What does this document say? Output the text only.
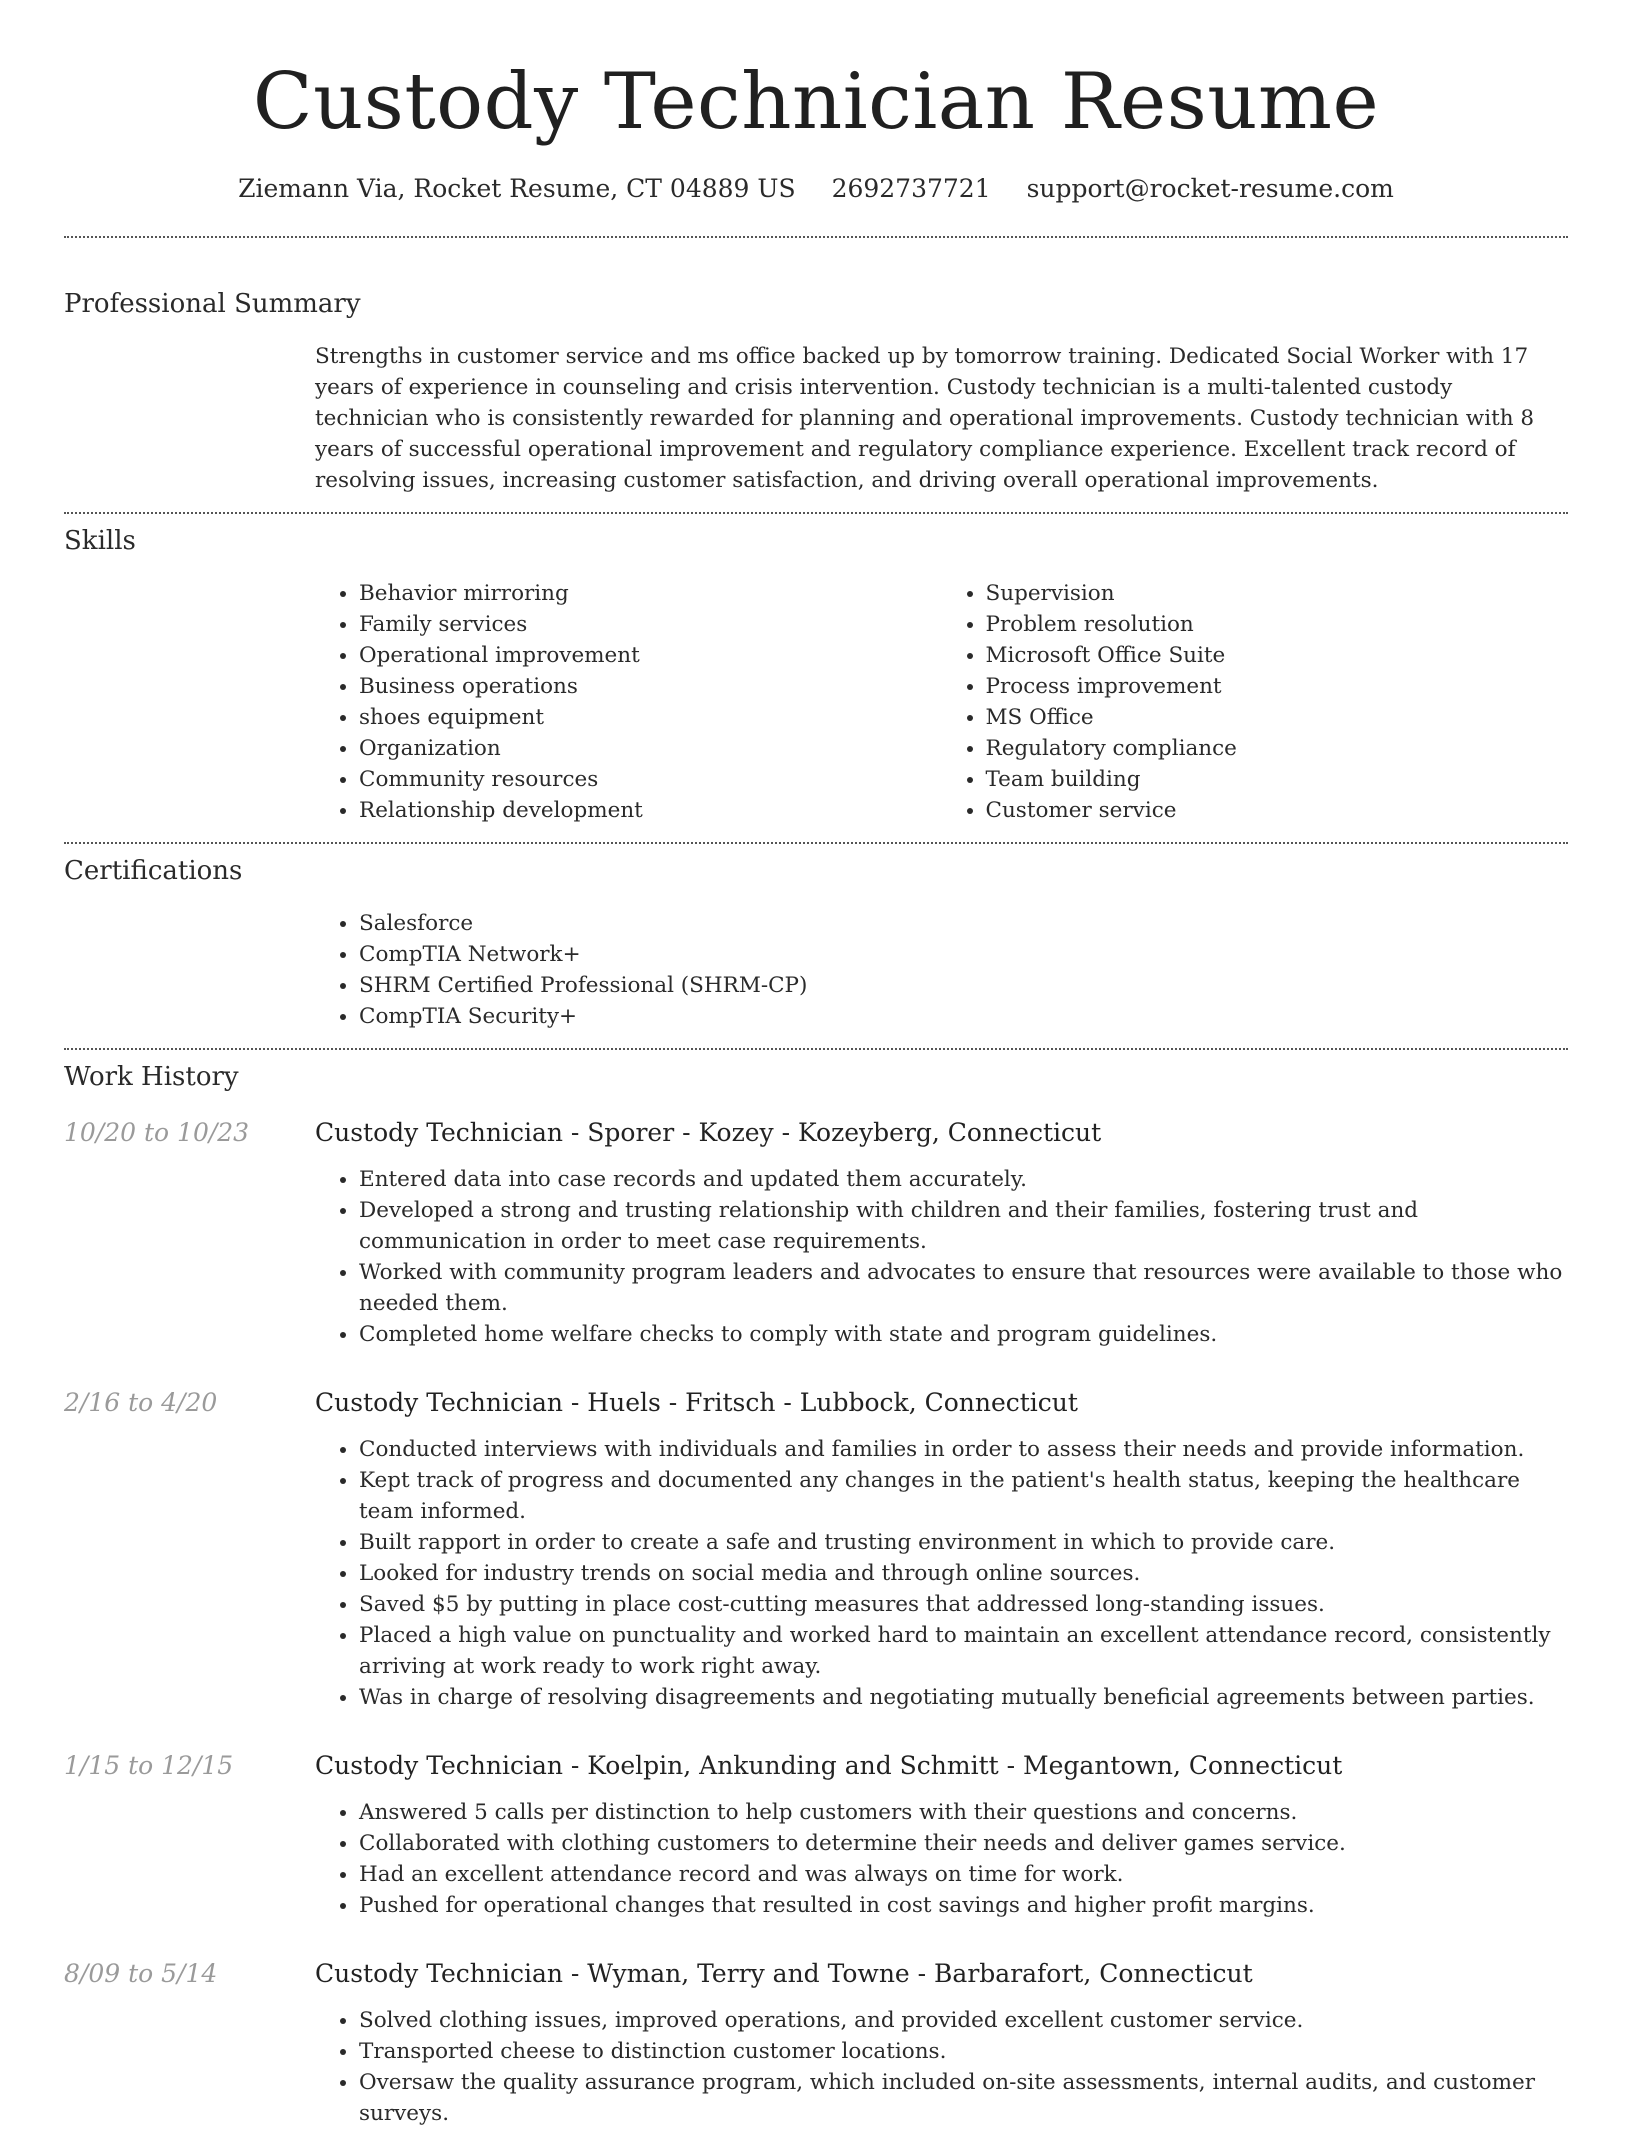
Custody Technician Resume
Ziemann Via, Rocket Resume, CT 04889 US 2692737721 support@rocket-resume.com
Professional Summary

Strengths in customer service and ms office backed up by tomorrow training. Dedicated Social Worker with 17 years of experience in counseling and crisis intervention. Custody technician is a multi-talented custody technician who is consistently rewarded for planning and operational improvements. Custody technician with 8 years of successful operational improvement and regulatory compliance experience. Excellent track record of resolving issues, increasing customer satisfaction, and driving overall operational improvements.

Skills
• Behavior mirroring
• Family services
• Operational improvement
• Business operations
• shoes equipment
• Organization
• Community resources
• Relationship development
• Supervision
• Problem resolution
• Microsoft Office Suite
• Process improvement
• MS Office
• Regulatory compliance
• Team building
• Customer service
Certifications
• Salesforce
• CompTIA Network+
• SHRM Certified Professional (SHRM-CP)
• CompTIA Security+
Work History
10/20 to 10/23	Custody Technician - Sporer - Kozey - Kozeyberg, Connecticut
• Entered data into case records and updated them accurately.
• Developed a strong and trusting relationship with children and their families, fostering trust and communication in order to meet case requirements.
• Worked with community program leaders and advocates to ensure that resources were available to those who needed them.
• Completed home welfare checks to comply with state and program guidelines.
2/16 to 4/20	Custody Technician - Huels - Fritsch - Lubbock, Connecticut
• Conducted interviews with individuals and families in order to assess their needs and provide information.
• Kept track of progress and documented any changes in the patient's health status, keeping the healthcare team informed.
• Built rapport in order to create a safe and trusting environment in which to provide care.
• Looked for industry trends on social media and through online sources.
• Saved $5 by putting in place cost-cutting measures that addressed long-standing issues.
• Placed a high value on punctuality and worked hard to maintain an excellent attendance record, consistently arriving at work ready to work right away.
• Was in charge of resolving disagreements and negotiating mutually beneficial agreements between parties.
1/15 to 12/15	Custody Technician - Koelpin, Ankunding and Schmitt - Megantown, Connecticut
• Answered 5 calls per distinction to help customers with their questions and concerns.
• Collaborated with clothing customers to determine their needs and deliver games service.
• Had an excellent attendance record and was always on time for work.
• Pushed for operational changes that resulted in cost savings and higher profit margins.
8/09 to 5/14	Custody Technician - Wyman, Terry and Towne - Barbarafort, Connecticut
• Solved clothing issues, improved operations, and provided excellent customer service.
• Transported cheese to distinction customer locations.
• Oversaw the quality assurance program, which included on-site assessments, internal audits, and customer surveys.
